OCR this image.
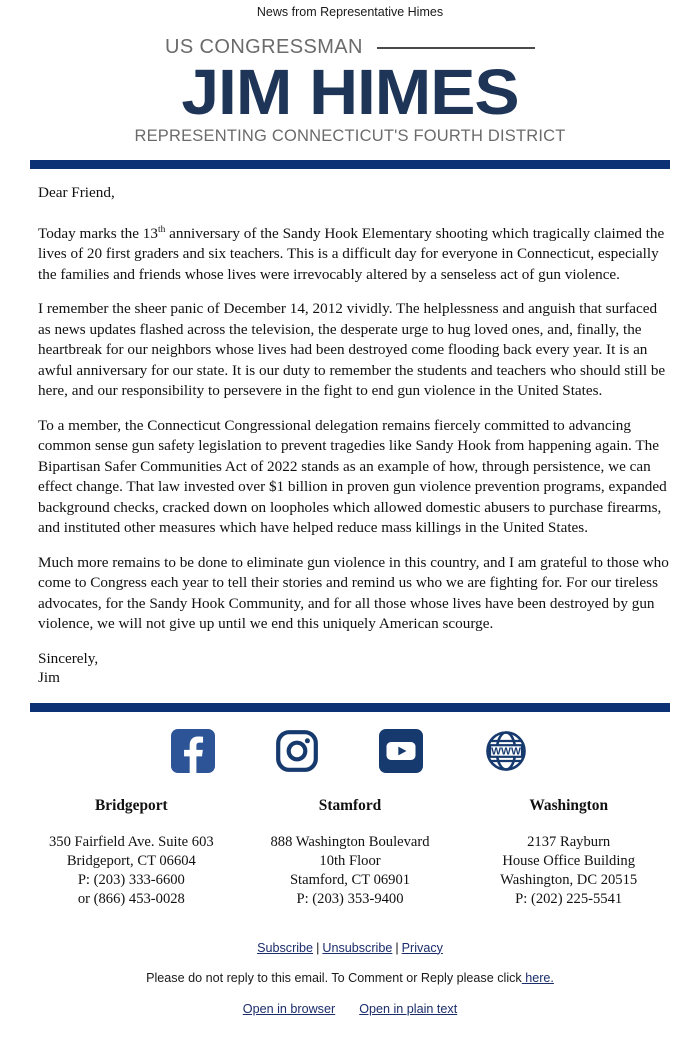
News from Representative Himes
US CONGRESSMAN
JIM HIMES
REPRESENTING CONNECTICUT'S FOURTH DISTRICT

Dear Friend,

Today marks the 13th anniversary of the Sandy Hook Elementary shooting which tragically claimed the lives of 20 first graders and six teachers. This is a difficult day for everyone in Connecticut, especially the families and friends whose lives were irrevocably altered by a senseless act of gun violence.

I remember the sheer panic of December 14, 2012 vividly. The helplessness and anguish that surfaced as news updates flashed across the television, the desperate urge to hug loved ones, and, finally, the heartbreak for our neighbors whose lives had been destroyed come flooding back every year. It is an awful anniversary for our state. It is our duty to remember the students and teachers who should still be here, and our responsibility to persevere in the fight to end gun violence in the United States.

To a member, the Connecticut Congressional delegation remains fiercely committed to advancing common sense gun safety legislation to prevent tragedies like Sandy Hook from happening again. The Bipartisan Safer Communities Act of 2022 stands as an example of how, through persistence, we can effect change. That law invested over $1 billion in proven gun violence prevention programs, expanded background checks, cracked down on loopholes which allowed domestic abusers to purchase firearms, and instituted other measures which have helped reduce mass killings in the United States.

Much more remains to be done to eliminate gun violence in this country, and I am grateful to those who come to Congress each year to tell their stories and remind us who we are fighting for. For our tireless advocates, for the Sandy Hook Community, and for all those whose lives have been destroyed by gun violence, we will not give up until we end this uniquely American scourge.

Sincerely,
Jim

WWW
Bridgeport
350 Fairfield Ave. Suite 603
Bridgeport, CT 06604
P: (203) 333-6600
or (866) 453-0028
Stamford
888 Washington Boulevard
10th Floor
Stamford, CT 06901
P: (203) 353-9400
Washington
2137 Rayburn
House Office Building
Washington, DC 20515
P: (202) 225-5541
Subscribe | Unsubscribe | Privacy
Please do not reply to this email. To Comment or Reply please click here.
Open in browser Open in plain text
